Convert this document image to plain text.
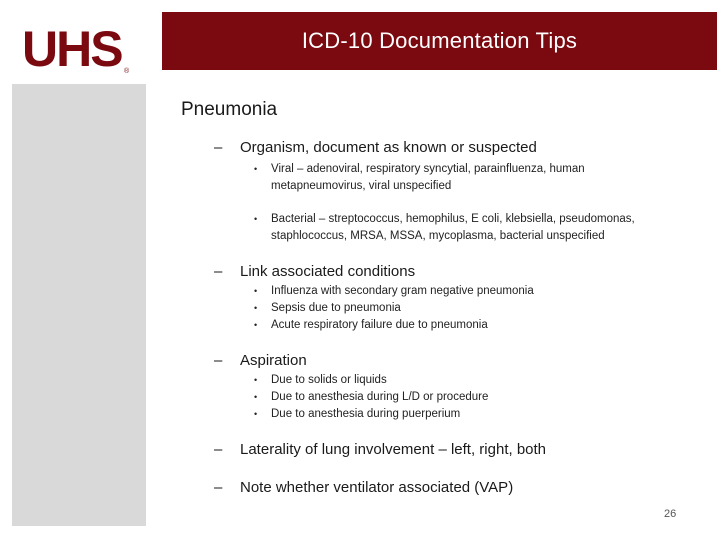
UHS ®
ICD-10 Documentation Tips
Pneumonia
– Organism, document as known or suspected
• Viral – adenoviral, respiratory syncytial, parainfluenza, human metapneumovirus, viral unspecified
• Bacterial – streptococcus, hemophilus, E coli, klebsiella, pseudomonas, staphlococcus, MRSA, MSSA, mycoplasma, bacterial unspecified
– Link associated conditions
• Influenza with secondary gram negative pneumonia
• Sepsis due to pneumonia
• Acute respiratory failure due to pneumonia
– Aspiration
• Due to solids or liquids
• Due to anesthesia during L/D or procedure
• Due to anesthesia during puerperium
– Laterality of lung involvement – left, right, both
– Note whether ventilator associated (VAP)
26
